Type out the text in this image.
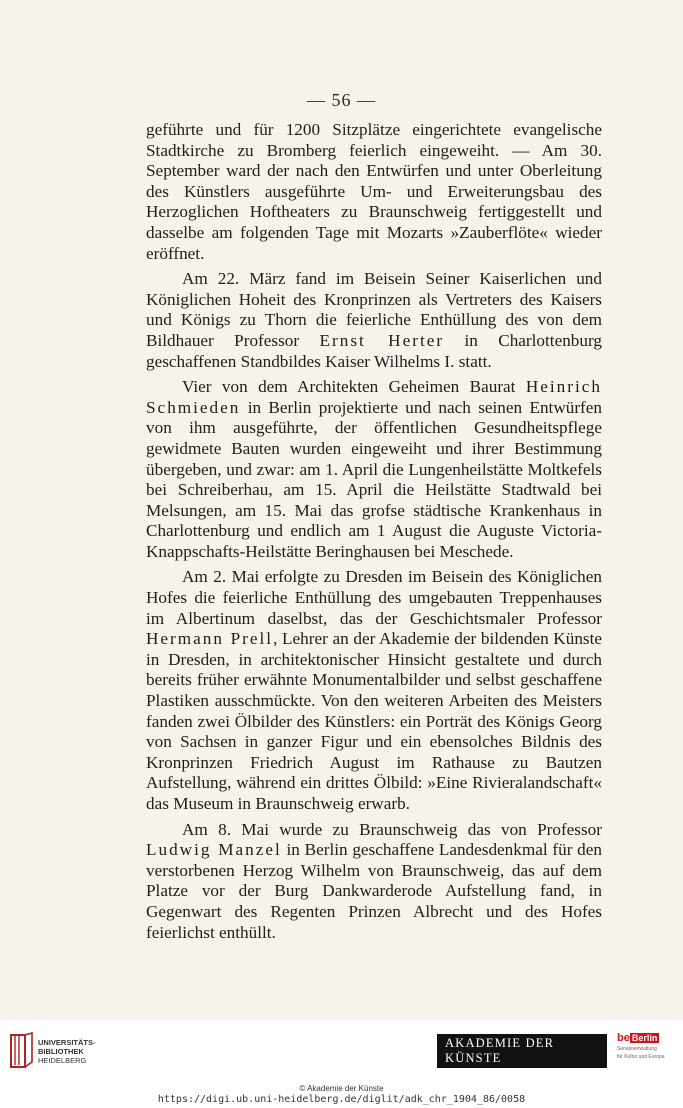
— 56 —

geführte und für 1200 Sitzplätze eingerichtete evangelische Stadtkirche zu Bromberg feierlich eingeweiht. — Am 30. September ward der nach den Entwürfen und unter Oberleitung des Künstlers ausgeführte Um- und Erweiterungsbau des Herzoglichen Hoftheaters zu Braunschweig fertiggestellt und dasselbe am folgenden Tage mit Mozarts »Zauberflöte« wieder eröffnet.

Am 22. März fand im Beisein Seiner Kaiserlichen und Königlichen Hoheit des Kronprinzen als Vertreters des Kaisers und Königs zu Thorn die feierliche Enthüllung des von dem Bildhauer Professor Ernst Herter in Charlottenburg geschaffenen Standbildes Kaiser Wilhelms I. statt.

Vier von dem Architekten Geheimen Baurat Heinrich Schmieden in Berlin projektierte und nach seinen Entwürfen von ihm ausgeführte, der öffentlichen Gesundheitspflege gewidmete Bauten wurden eingeweiht und ihrer Bestimmung übergeben, und zwar: am 1. April die Lungenheilstätte Moltkefels bei Schreiberhau, am 15. April die Heilstätte Stadtwald bei Melsungen, am 15. Mai das grofse städtische Krankenhaus in Charlottenburg und endlich am 1 August die Auguste Victoria-Knappschafts-Heilstätte Beringhausen bei Meschede.

Am 2. Mai erfolgte zu Dresden im Beisein des Königlichen Hofes die feierliche Enthüllung des umgebauten Treppenhauses im Albertinum daselbst, das der Geschichtsmaler Professor Hermann Prell, Lehrer an der Akademie der bildenden Künste in Dresden, in architektonischer Hinsicht gestaltete und durch bereits früher erwähnte Monumentalbilder und selbst geschaffene Plastiken ausschmückte. Von den weiteren Arbeiten des Meisters fanden zwei Ölbilder des Künstlers: ein Porträt des Königs Georg von Sachsen in ganzer Figur und ein ebensolches Bildnis des Kronprinzen Friedrich August im Rathause zu Bautzen Aufstellung, während ein drittes Ölbild: »Eine Rivieralandschaft« das Museum in Braunschweig erwarb.

Am 8. Mai wurde zu Braunschweig das von Professor Ludwig Manzel in Berlin geschaffene Landesdenkmal für den verstorbenen Herzog Wilhelm von Braunschweig, das auf dem Platze vor der Burg Dankwarderode Aufstellung fand, in Gegenwart des Regenten Prinzen Albrecht und des Hofes feierlichst enthüllt.

UNIVERSITÄTS-
BIBLIOTHEK
HEIDELBERG
AKADEMIE DER KÜNSTE
be Berlin
Senatsverwaltung
für Kultur und Europa
© Akademie der Künste
https://digi.ub.uni-heidelberg.de/diglit/adk_chr_1904_86/0058
